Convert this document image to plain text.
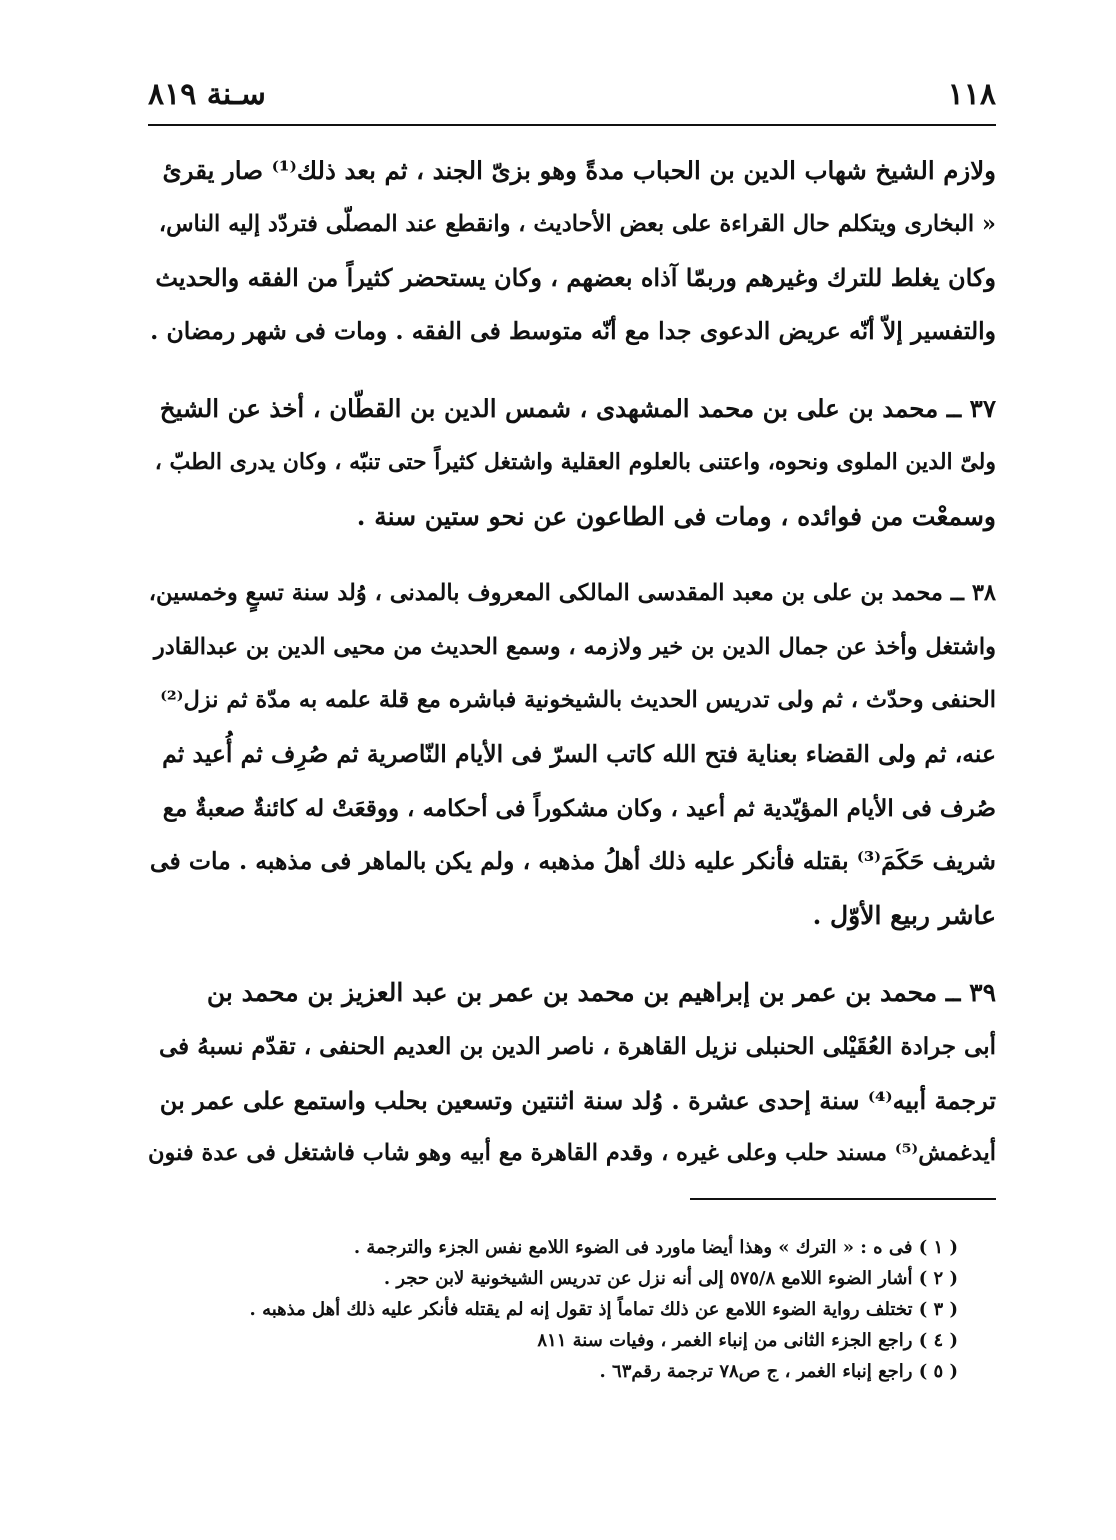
١١٨
سـنة ٨١٩

ولازم الشيخ شهاب الدين بن الحباب مدةً وهو بزىّ الجند ، ثم بعد ذلك⁽¹⁾ صار يقرئ
« البخارى ويتكلم حال القراءة على بعض الأحاديث ، وانقطع عند المصلّى فتردّد إليه الناس،
وكان يغلط للترك وغيرهم وربمّا آذاه بعضهم ، وكان يستحضر كثيراً من الفقه والحديث
والتفسير إلاّ أنّه عريض الدعوى جدا مع أنّه متوسط فى الفقه . ومات فى شهر رمضان .

٣٧ ــ محمد بن على بن محمد المشهدى ، شمس الدين بن القطّان ، أخذ عن الشيخ
ولىّ الدين الملوى ونحوه، واعتنى بالعلوم العقلية واشتغل كثيراً حتى تنبّه ، وكان يدرى الطبّ ،
وسمعْت من فوائده ، ومات فى الطاعون عن نحو ستين سنة .

٣٨ ــ محمد بن على بن معبد المقدسى المالكى المعروف بالمدنى ، وُلد سنة تسعٍ وخمسين،
واشتغل وأخذ عن جمال الدين بن خير ولازمه ، وسمع الحديث من محيى الدين بن عبدالقادر
الحنفى وحدّث ، ثم ولى تدريس الحديث بالشيخونية فباشره مع قلة علمه به مدّة ثم نزل⁽²⁾
عنه، ثم ولى القضاء بعناية فتح الله كاتب السرّ فى الأيام النّاصرية ثم صُرِف ثم أُعيد ثم
صُرف فى الأيام المؤيّدية ثم أعيد ، وكان مشكوراً فى أحكامه ، ووقعَتْ له كائنةٌ صعبةٌ مع
شريف حَكَمَ⁽³⁾ بقتله فأنكر عليه ذلك أهلُ مذهبه ، ولم يكن بالماهر فى مذهبه . مات فى
عاشر ربيع الأوّل .

٣٩ ــ محمد بن عمر بن إبراهيم بن محمد بن عمر بن عبد العزيز بن محمد بن
أبى جرادة العُقَيْلى الحنبلى نزيل القاهرة ، ناصر الدين بن العديم الحنفى ، تقدّم نسبهُ فى
ترجمة أبيه⁽⁴⁾ سنة إحدى عشرة . وُلد سنة اثنتين وتسعين بحلب واستمع على عمر بن
أيدغمش⁽⁵⁾ مسند حلب وعلى غيره ، وقدم القاهرة مع أبيه وهو شاب فاشتغل فى عدة فنون

( ١ ) فى ه : « الترك » وهذا أيضا ماورد فى الضوء اللامع نفس الجزء والترجمة .
( ٢ ) أشار الضوء اللامع ٥٧٥/٨ إلى أنه نزل عن تدريس الشيخونية لابن حجر .
( ٣ ) تختلف رواية الضوء اللامع عن ذلك تماماً إذ تقول إنه لم يقتله فأنكر عليه ذلك أهل مذهبه .
( ٤ ) راجع الجزء الثانى من إنباء الغمر ، وفيات سنة ٨١١
( ٥ ) راجع إنباء الغمر ، ج ص٧٨ ترجمة رقم٦٣ .
